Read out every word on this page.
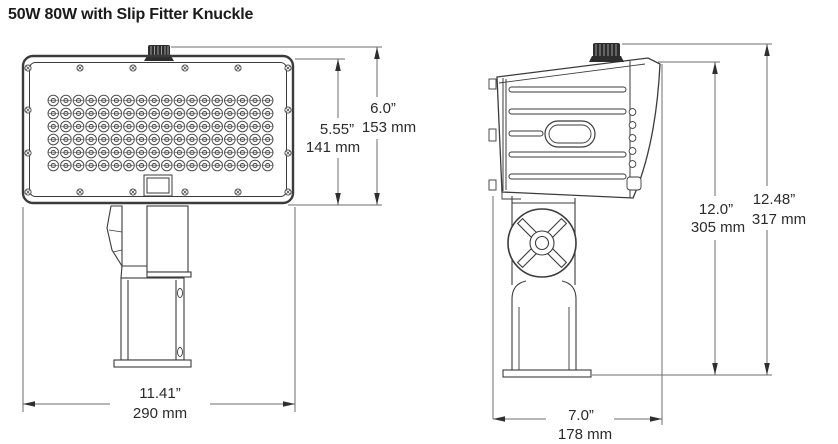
50W 80W with Slip Fitter Knuckle
6.0”
153 mm
5.55”
141 mm
11.41”
290 mm
12.0”
305 mm
12.48”
317 mm
7.0”
178 mm
